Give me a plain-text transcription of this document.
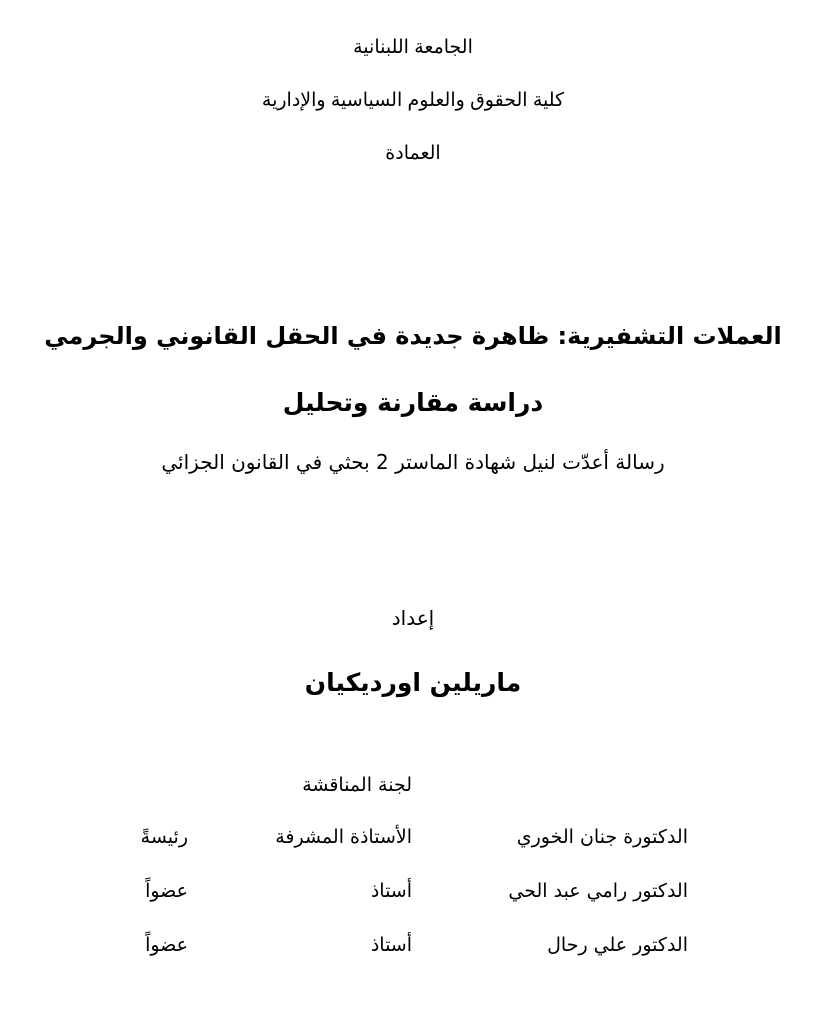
الجامعة اللبنانية
كلية الحقوق والعلوم السياسية والإدارية
العمادة
العملات التشفيرية: ظاهرة جديدة في الحقل القانوني والجرمي
دراسة مقارنة وتحليل
رسالة أعدّت لنيل شهادة الماستر 2 بحثي في القانون الجزائي
إعداد
ماريلين اورديكيان
لجنة المناقشة
الدكتورة جنان الخوري
الأستاذة المشرفة
رئيسةً
الدكتور رامي عبد الحي
أستاذ
عضواً
الدكتور علي رحال
أستاذ
عضواً
